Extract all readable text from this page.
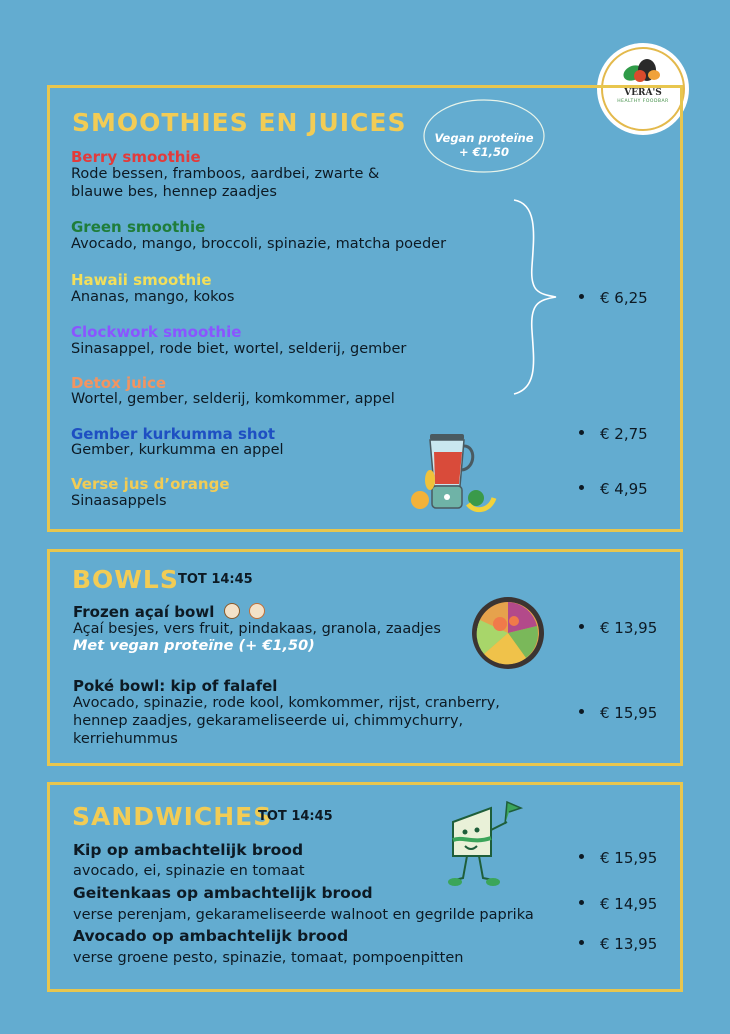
VERA'S
HEALTHY FOODBAR
SMOOTHIES EN JUICES
Vegan proteïne
+ €1,50
Berry smoothie
Rode bessen, framboos, aardbei, zwarte &
blauwe bes, hennep zaadjes
Green smoothie
Avocado, mango, broccoli, spinazie, matcha poeder
Hawaii smoothie
Ananas, mango, kokos
Clockwork smoothie
Sinasappel, rode biet, wortel, selderij, gember
Detox juice
Wortel, gember, selderij, komkommer, appel
Gember kurkumma shot
Gember, kurkumma en appel
Verse jus d’orange
Sinaasappels
€ 6,25
€ 2,75
€ 4,95
BOWLS TOT 14:45
Frozen açaí bowl
Açaí besjes, vers fruit, pindakaas, granola, zaadjes
Met vegan proteïne (+ €1,50)
€ 13,95
Poké bowl: kip of falafel
Avocado, spinazie, rode kool, komkommer, rijst, cranberry,
hennep zaadjes, gekarameliseerde ui, chimmychurry,
kerriehummus
€ 15,95
SANDWICHES
TOT 14:45
Kip op ambachtelijk brood
avocado, ei, spinazie en tomaat
€ 15,95
Geitenkaas op ambachtelijk brood
verse perenjam, gekarameliseerde walnoot en gegrilde paprika
€ 14,95
Avocado op ambachtelijk brood
verse groene pesto, spinazie, tomaat, pompoenpitten
€ 13,95
